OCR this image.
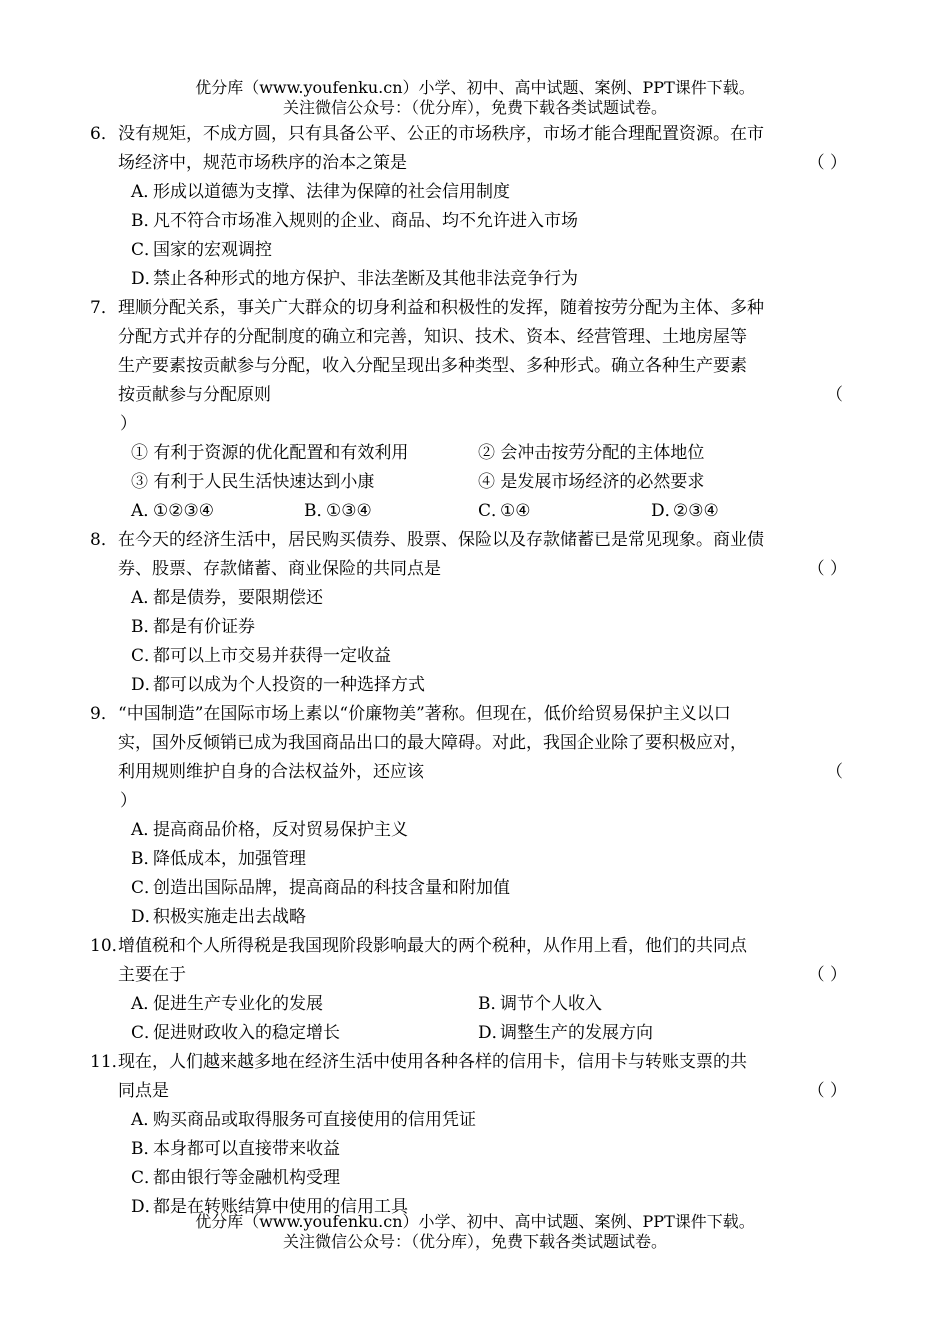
优分库（www.youfenku.cn）小学、初中、高中试题、案例、PPT课件下载。
关注微信公众号：（优分库），免费下载各类试题试卷。
6． 没有规矩，不成方圆，只有具备公平、公正的市场秩序，市场才能合理配置资源。在市
场经济中，规范市场秩序的治本之策是	（ ）
A．形成以道德为支撑、法律为保障的社会信用制度
B．凡不符合市场准入规则的企业、商品、均不允许进入市场
C．国家的宏观调控
D．禁止各种形式的地方保护、非法垄断及其他非法竞争行为
7． 理顺分配关系，事关广大群众的切身利益和积极性的发挥，随着按劳分配为主体、多种
分配方式并存的分配制度的确立和完善，知识、技术、资本、经营管理、土地房屋等
生产要素按贡献参与分配，收入分配呈现出多种类型、多种形式。确立各种生产要素
按贡献参与分配原则	（
）
① 有利于资源的优化配置和有效利用	② 会冲击按劳分配的主体地位
③ 有利于人民生活快速达到小康	④ 是发展市场经济的必然要求
A．①②③④	B．①③④	C．①④	D．②③④
8． 在今天的经济生活中，居民购买债券、股票、保险以及存款储蓄已是常见现象。商业债
券、股票、存款储蓄、商业保险的共同点是	（ ）
A．都是债券，要限期偿还
B．都是有价证券
C．都可以上市交易并获得一定收益
D．都可以成为个人投资的一种选择方式
9． “中国制造”在国际市场上素以“价廉物美”著称。但现在，低价给贸易保护主义以口
实，国外反倾销已成为我国商品出口的最大障碍。对此，我国企业除了要积极应对，
利用规则维护自身的合法权益外，还应该	（
）
A．提高商品价格，反对贸易保护主义
B．降低成本，加强管理
C．创造出国际品牌，提高商品的科技含量和附加值
D．积极实施走出去战略
10．
增值税和个人所得税是我国现阶段影响最大的两个税种，从作用上看，他们的共同点
主要在于	（ ）
A．促进生产专业化的发展	B．调节个人收入
C．促进财政收入的稳定增长	D．调整生产的发展方向
11．
现在，人们越来越多地在经济生活中使用各种各样的信用卡，信用卡与转账支票的共
同点是	（ ）
A．购买商品或取得服务可直接使用的信用凭证
B．本身都可以直接带来收益
C．都由银行等金融机构受理
D．都是在转账结算中使用的信用工具
优分库（www.youfenku.cn）小学、初中、高中试题、案例、PPT课件下载。
关注微信公众号：（优分库），免费下载各类试题试卷。
